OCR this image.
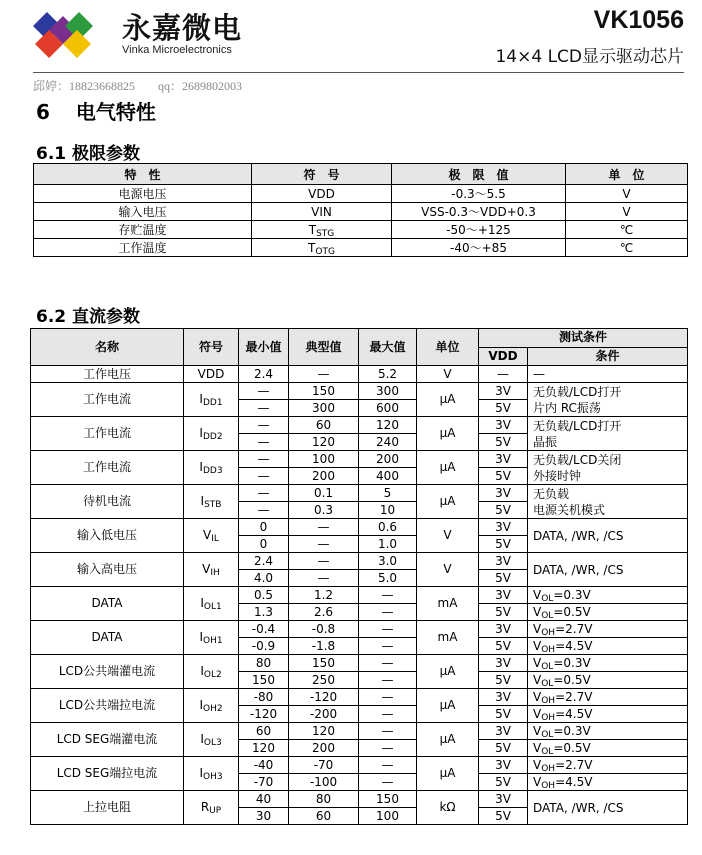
永嘉微电
Vinka Microelectronics
VK1056
14×4 LCD显示驱动芯片
邱婷：18823668825 qq：2689802003
6 电气特性
6.1 极限参数
特　性	符　号	极　限　值	单　位
电源电压	VDD	-0.3～5.5	V
输入电压	VIN	VSS-0.3～VDD+0.3	V
存贮温度	$T_{STG}$	-50～+125	℃
工作温度	$T_{OTG}$	-40～+85	℃
6.2 直流参数
名称	符号	最小值	典型值	最大值	单位	测试条件	
						VDD	条件
工作电压	VDD	2.4	—	5.2	V	—	—
工作电流	$I_{DD1}$	—	150	300	μA	3V	无负载/LCD打开
片内 RC振荡
		—	300	600		5V	
工作电流	$I_{DD2}$	—	60	120	μA	3V	无负载/LCD打开
晶振
		—	120	240		5V	
工作电流	$I_{DD3}$	—	100	200	μA	3V	无负载/LCD关闭
外接时钟
		—	200	400		5V	
待机电流	$I_{STB}$	—	0.1	5	μA	3V	无负载
电源关机模式
		—	0.3	10		5V	
输入低电压	$V_{IL}$	0	—	0.6	V	3V	DATA, /WR, /CS
		0	—	1.0		5V	
输入高电压	$V_{IH}$	2.4	—	3.0	V	3V	DATA, /WR, /CS
		4.0	—	5.0		5V	
DATA	$I_{OL1}$	0.5	1.2	—	mA	3V	$V_{OL}=0.3V$
		1.3	2.6	—		5V	$V_{OL}=0.5V$
DATA	$I_{OH1}$	-0.4	-0.8	—	mA	3V	$V_{OH}=2.7V$
		-0.9	-1.8	—		5V	$V_{OH}=4.5V$
LCD公共端灌电流	$I_{OL2}$	80	150	—	μA	3V	$V_{OL}=0.3V$
		150	250	—		5V	$V_{OL}=0.5V$
LCD公共端拉电流	$I_{OH2}$	-80	-120	—	μA	3V	$V_{OH}=2.7V$
		-120	-200	—		5V	$V_{OH}=4.5V$
LCD SEG端灌电流	$I_{OL3}$	60	120	—	μA	3V	$V_{OL}=0.3V$
		120	200	—		5V	$V_{OL}=0.5V$
LCD SEG端拉电流	$I_{OH3}$	-40	-70	—	μA	3V	$V_{OH}=2.7V$
		-70	-100	—		5V	$V_{OH}=4.5V$
上拉电阻	$R_{UP}$	40	80	150	kΩ	3V	DATA, /WR, /CS
		30	60	100		5V	
